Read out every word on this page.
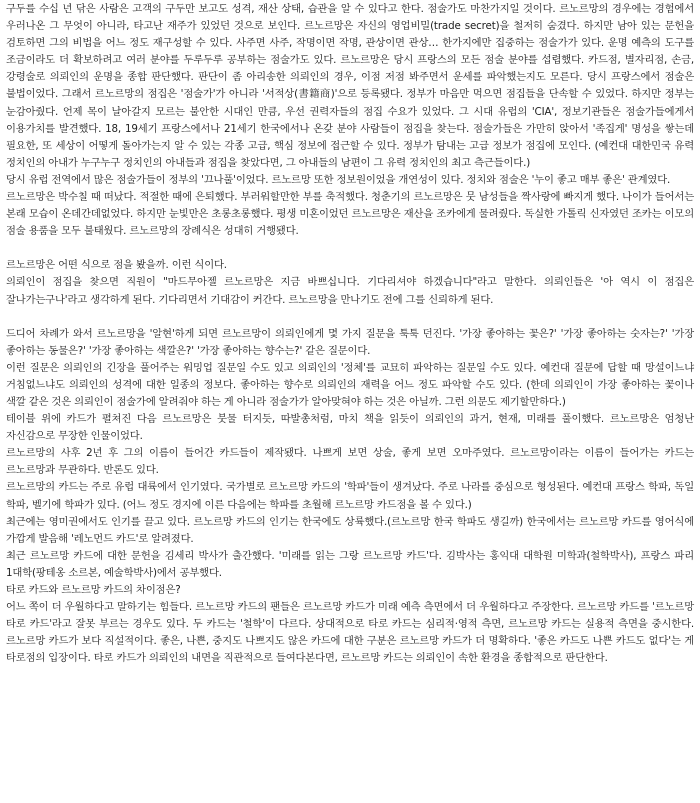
구두를 수십 년 닦은 사람은 고객의 구두만 보고도 성격, 재산 상태, 습관을 알 수 있다고 한다. 점술가도 마찬가지일 것이다. 르노르망의 경우에는 경험에서 우러나온 그 무엇이 아니라, 타고난 재주가 있었던 것으로 보인다. 르노르망은 자신의 영업비밀(trade secret)을 철저히 숨겼다. 하지만 남아 있는 문헌을 검토하면 그의 비법을 어느 정도 재구성할 수 있다. 사주면 사주, 작명이면 작명, 관상이면 관상… 한가지에만 집중하는 점술가가 있다. 운명 예측의 도구를 조금이라도 더 확보하려고 여러 분야를 두루두루 공부하는 점술가도 있다. 르노르망은 당시 프랑스의 모든 점술 분야를 섭렵했다. 카드점, 별자리점, 손금, 강령술로 의뢰인의 운명을 종합 판단했다. 판단이 좀 아리송한 의뢰인의 경우, 이점 저점 봐주면서 운세를 파악했는지도 모른다. 당시 프랑스에서 점술은 불법이었다. 그래서 르노르망의 점집은 '점술가'가 아니라 '서적상(書籍商)'으로 등록됐다. 정부가 마음만 먹으면 점집들을 단속할 수 있었다. 하지만 정부는 눈감아줬다. 언제 목이 날아갈지 모르는 불안한 시대인 만큼, 우선 권력자들의 점집 수요가 있었다. 그 시대 유럽의 'CIA', 정보기관들은 점술가들에게서 이용가치를 발견했다. 18, 19세기 프랑스에서나 21세기 한국에서나 온갖 분야 사람들이 점집을 찾는다. 점술가들은 가만히 앉아서 '족집게' 명성을 쌓는데 필요한, 또 세상이 어떻게 돌아가는지 알 수 있는 각종 고급, 핵심 정보에 접근할 수 있다. 정부가 탐내는 고급 정보가 점집에 모인다. (예컨대 대한민국 유력 정치인의 아내가 누구누구 정치인의 아내들과 점집을 찾았다면, 그 아내들의 남편이 그 유력 정치인의 최고 측근들이다.)

당시 유럽 전역에서 많은 점술가들이 정부의 '끄나풀'이었다. 르노르망 또한 정보원이었을 개연성이 있다. 정치와 점술은 '누이 좋고 매부 좋은' 관계였다.

르노르망은 박수칠 때 떠났다. 적절한 때에 은퇴했다. 부러워할만한 부를 축적했다. 청춘기의 르노르망은 뭇 남성들을 짝사랑에 빠지게 했다. 나이가 들어서는 본래 모습이 온데간데없었다. 하지만 눈빛만은 초롱초롱했다. 평생 미혼이었던 르노르망은 재산을 조카에게 물려줬다. 독실한 가톨릭 신자였던 조카는 이모의 점술 용품을 모두 불태웠다. 르노르망의 장례식은 성대히 거행됐다.

르노르망은 어떤 식으로 점을 봤을까. 이런 식이다.

의뢰인이 점집을 찾으면 직원이 "마드무아젤 르노르망은 지금 바쁘십니다. 기다리셔야 하겠습니다"라고 말한다. 의뢰인들은 '아 역시 이 점집은 잘나가는구나'라고 생각하게 된다. 기다리면서 기대감이 커간다. 르노르망을 만나기도 전에 그를 신뢰하게 된다.

드디어 차례가 와서 르노르망을 '알현'하게 되면 르노르망이 의뢰인에게 몇 가지 질문을 툭툭 던진다. '가장 좋아하는 꽃은?' '가장 좋아하는 숫자는?' '가장 좋아하는 동물은?' '가장 좋아하는 색깔은?' '가장 좋아하는 향수는?' 같은 질문이다.

이런 질문은 의뢰인의 긴장을 풀어주는 워밍업 질문일 수도 있고 의뢰인의 '정체'를 교묘히 파악하는 질문일 수도 있다. 예컨대 질문에 답할 때 망설이느냐 거침없느냐도 의뢰인의 성격에 대한 일종의 정보다. 좋아하는 향수로 의뢰인의 재력을 어느 정도 파악할 수도 있다. (한데 의뢰인이 가장 좋아하는 꽃이나 색깔 같은 것은 의뢰인이 점술가에 알려줘야 하는 게 아니라 점술가가 알아맞혀야 하는 것은 아닐까. 그런 의문도 제기할만하다.)

테이블 위에 카드가 펼쳐진 다음 르노르망은 붓물 터지듯, 따발총처럼, 마치 책을 읽듯이 의뢰인의 과거, 현재, 미래를 풀이했다. 르노르망은 엄청난 자신감으로 무장한 인물이었다.

르노르망의 사후 2년 후 그의 이름이 들어간 카드들이 제작됐다. 나쁘게 보면 상술, 좋게 보면 오마주였다. 르노르망이라는 이름이 들어가는 카드는 르노르망과 무관하다. 반론도 있다.

르노르망의 카드는 주로 유럽 대륙에서 인기였다. 국가별로 르노르망 카드의 '학파'들이 생겨났다. 주로 나라를 중심으로 형성된다. 예컨대 프랑스 학파, 독일 학파, 벨기에 학파가 있다. (어느 정도 경지에 이른 다음에는 학파를 초월해 르노르망 카드점을 볼 수 있다.)

최근에는 영미권에서도 인기를 끌고 있다. 르노르망 카드의 인기는 한국에도 상륙했다.(르노르망 한국 학파도 생길까) 한국에서는 르노르망 카드를 영어식에 가깝게 발음해 '레노먼드 카드'로 알려졌다.

최근 르노르망 카드에 대한 문헌을 김세리 박사가 출간했다. '미래를 읽는 그랑 르노르망 카드'다. 김박사는 홍익대 대학원 미학과(철학박사), 프랑스 파리 1대학(팡테옹 소르본, 예술학박사)에서 공부했다.

타로 카드와 르노르망 카드의 차이점은?

어느 쪽이 더 우월하다고 말하기는 힘들다. 르노르망 카드의 팬들은 르노르망 카드가 미래 예측 측면에서 더 우월하다고 주장한다. 르노르망 카드를 '르노르망 타로 카드'라고 잘못 부르는 경우도 있다. 두 카드는 '철학'이 다르다. 상대적으로 타로 카드는 심리적·영적 측면, 르노르망 카드는 실용적 측면을 중시한다. 르노르망 카드가 보다 직설적이다. 좋은, 나쁜, 중지도 나쁘지도 않은 카드에 대한 구분은 르노르망 카드가 더 명확하다. '좋은 카드도 나쁜 카드도 없다'는 게 타로점의 입장이다. 타로 카드가 의뢰인의 내면을 직관적으로 들여다본다면, 르노르망 카드는 의뢰인이 속한 환경을 종합적으로 판단한다.
